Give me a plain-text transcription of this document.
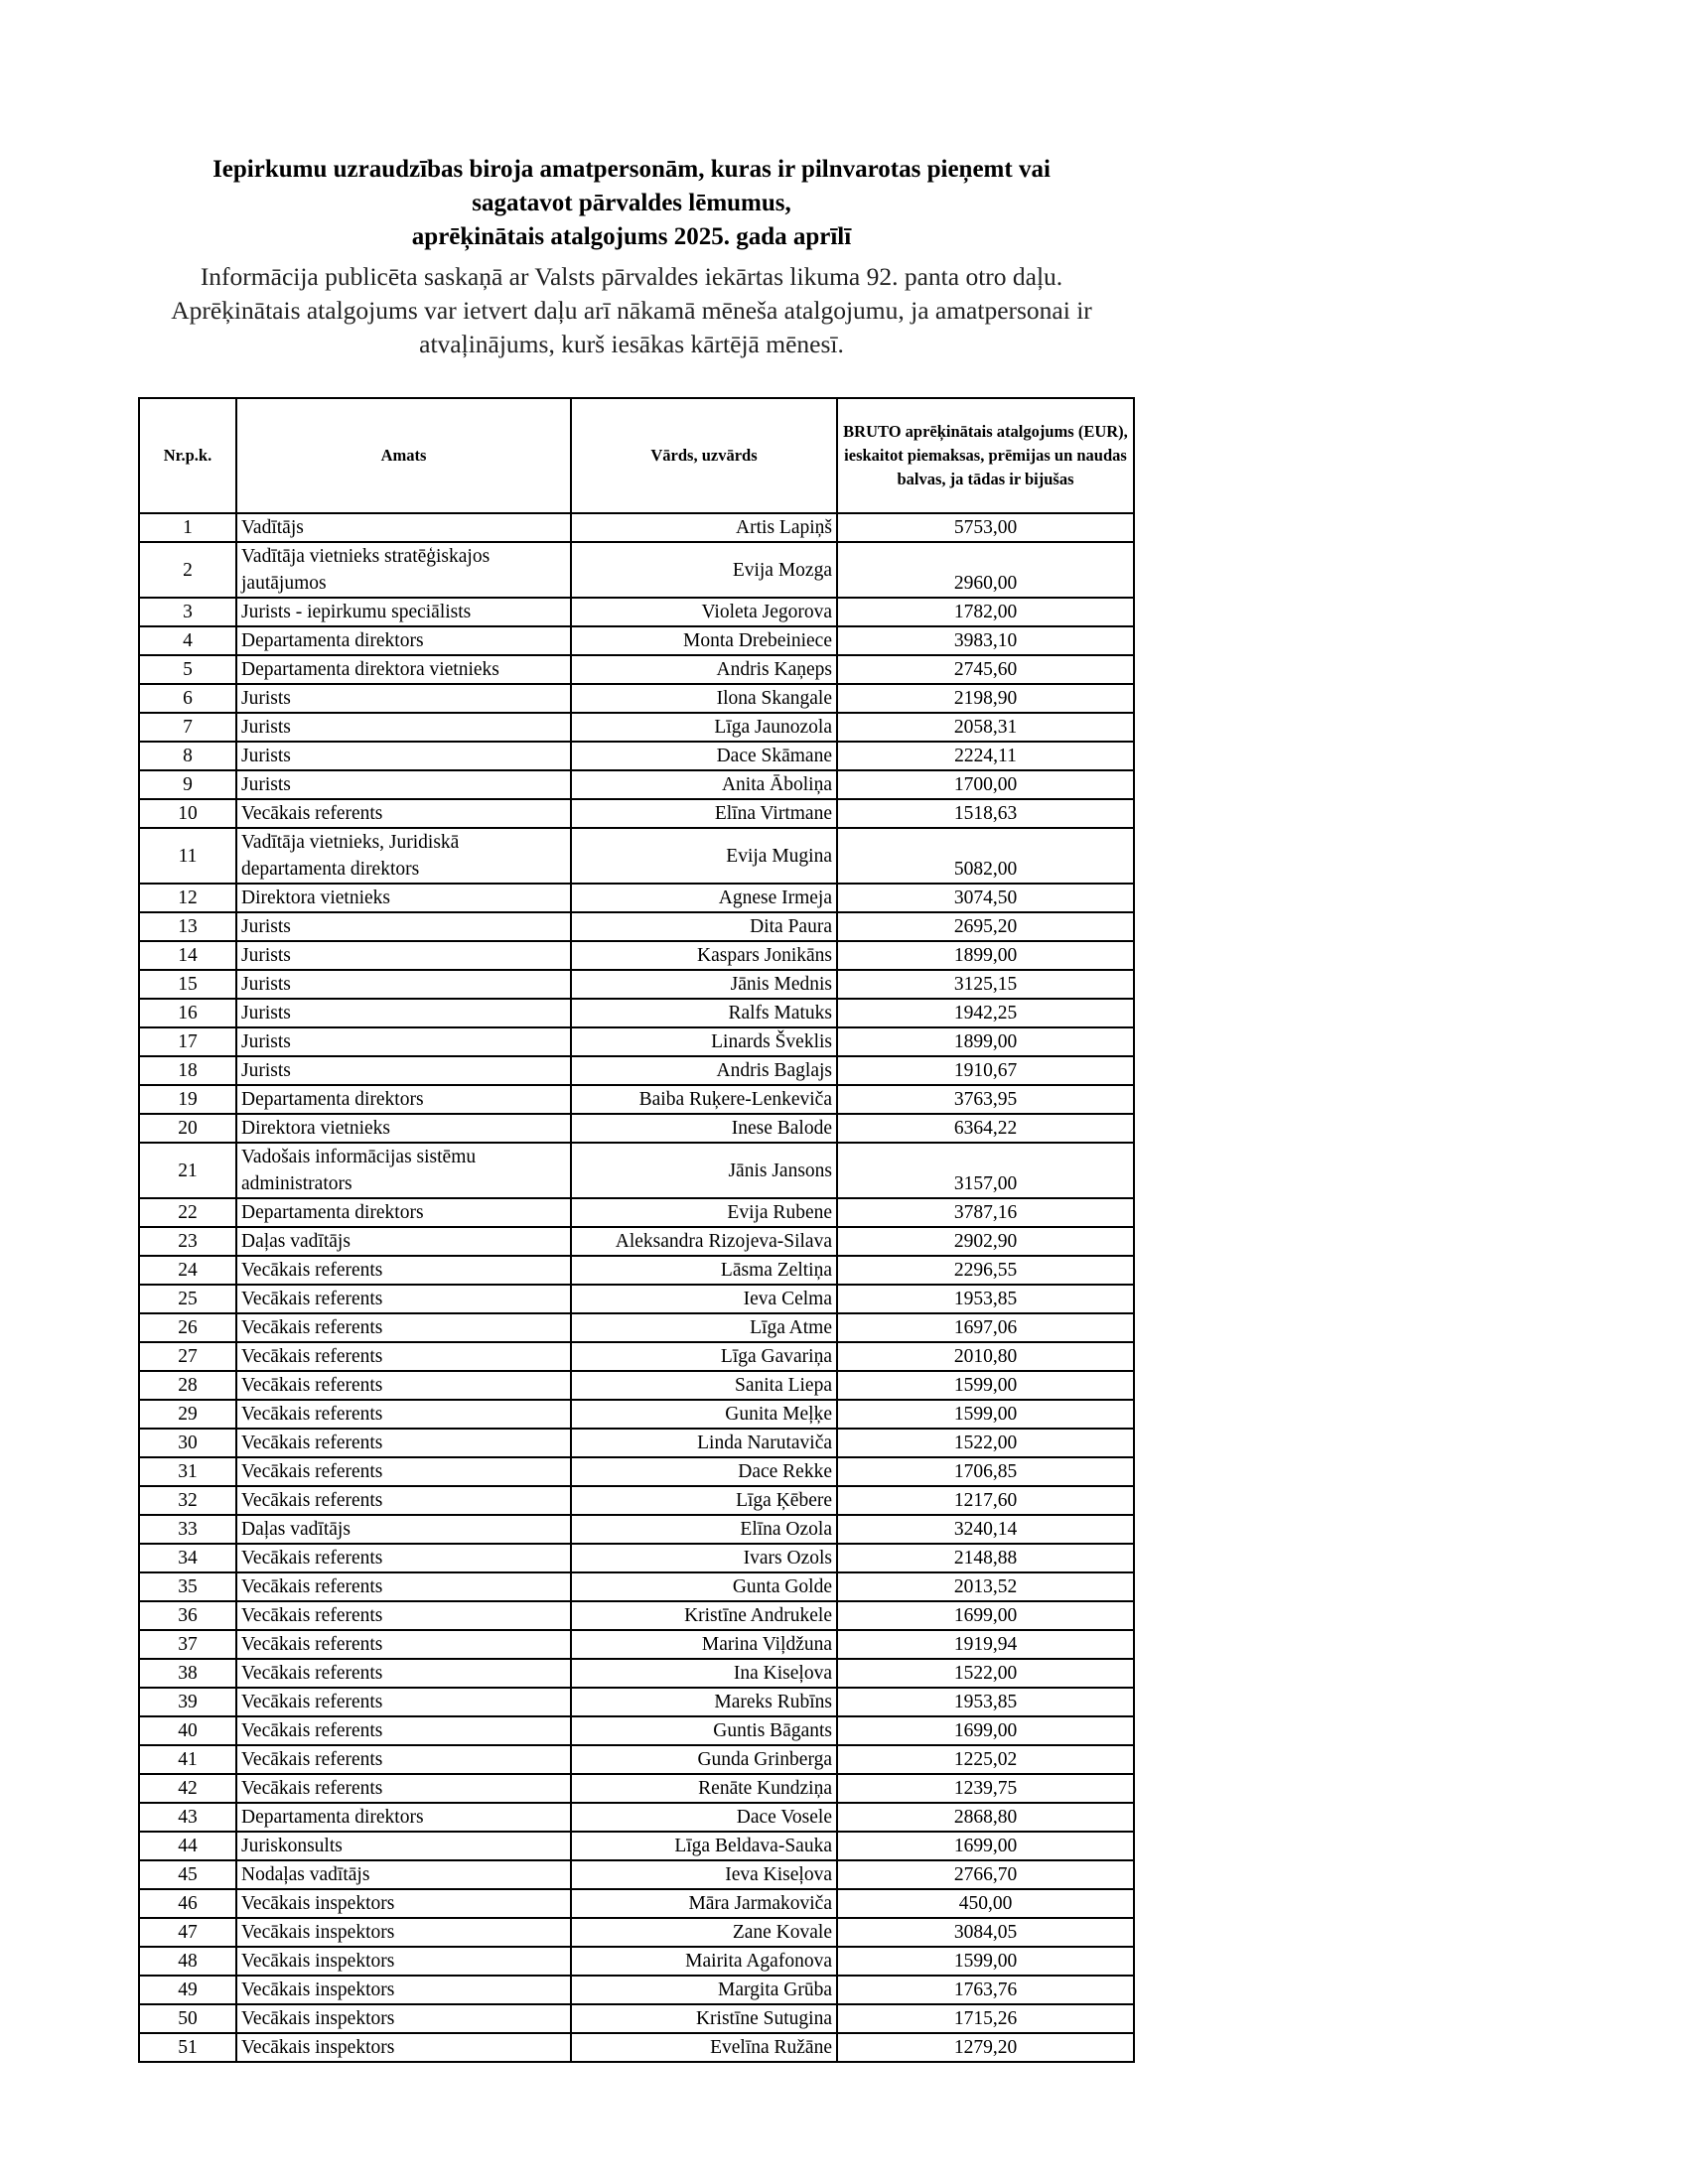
Iepirkumu uzraudzības biroja amatpersonām, kuras ir pilnvarotas pieņemt vai
sagatavot pārvaldes lēmumus,
aprēķinātais atalgojums 2025. gada aprīlī
Informācija publicēta saskaņā ar Valsts pārvaldes iekārtas likuma 92. panta otro daļu.
Aprēķinātais atalgojums var ietvert daļu arī nākamā mēneša atalgojumu, ja amatpersonai ir
atvaļinājums, kurš iesākas kārtējā mēnesī.
Nr.p.k.	Amats	Vārds, uzvārds	BRUTO aprēķinātais atalgojums (EUR), ieskaitot piemaksas, prēmijas un naudas balvas, ja tādas ir bijušas
1	Vadītājs	Artis Lapiņš	5753,00
2	Vadītāja vietnieks stratēģiskajos jautājumos	Evija Mozga	2960,00
3	Jurists - iepirkumu speciālists	Violeta Jegorova	1782,00
4	Departamenta direktors	Monta Drebeiniece	3983,10
5	Departamenta direktora vietnieks	Andris Kaņeps	2745,60
6	Jurists	Ilona Skangale	2198,90
7	Jurists	Līga Jaunozola	2058,31
8	Jurists	Dace Skāmane	2224,11
9	Jurists	Anita Āboliņa	1700,00
10	Vecākais referents	Elīna Virtmane	1518,63
11	Vadītāja vietnieks, Juridiskā departamenta direktors	Evija Mugina	5082,00
12	Direktora vietnieks	Agnese Irmeja	3074,50
13	Jurists	Dita Paura	2695,20
14	Jurists	Kaspars Jonikāns	1899,00
15	Jurists	Jānis Mednis	3125,15
16	Jurists	Ralfs Matuks	1942,25
17	Jurists	Linards Šveklis	1899,00
18	Jurists	Andris Baglajs	1910,67
19	Departamenta direktors	Baiba Ruķere-Lenkeviča	3763,95
20	Direktora vietnieks	Inese Balode	6364,22
21	Vadošais informācijas sistēmu administrators	Jānis Jansons	3157,00
22	Departamenta direktors	Evija Rubene	3787,16
23	Daļas vadītājs	Aleksandra Rizojeva-Silava	2902,90
24	Vecākais referents	Lāsma Zeltiņa	2296,55
25	Vecākais referents	Ieva Celma	1953,85
26	Vecākais referents	Līga Atme	1697,06
27	Vecākais referents	Līga Gavariņa	2010,80
28	Vecākais referents	Sanita Liepa	1599,00
29	Vecākais referents	Gunita Meļķe	1599,00
30	Vecākais referents	Linda Narutaviča	1522,00
31	Vecākais referents	Dace Rekke	1706,85
32	Vecākais referents	Līga Ķēbere	1217,60
33	Daļas vadītājs	Elīna Ozola	3240,14
34	Vecākais referents	Ivars Ozols	2148,88
35	Vecākais referents	Gunta Golde	2013,52
36	Vecākais referents	Kristīne Andrukele	1699,00
37	Vecākais referents	Marina Viļdžuna	1919,94
38	Vecākais referents	Ina Kiseļova	1522,00
39	Vecākais referents	Mareks Rubīns	1953,85
40	Vecākais referents	Guntis Bāgants	1699,00
41	Vecākais referents	Gunda Grinberga	1225,02
42	Vecākais referents	Renāte Kundziņa	1239,75
43	Departamenta direktors	Dace Vosele	2868,80
44	Juriskonsults	Līga Beldava-Sauka	1699,00
45	Nodaļas vadītājs	Ieva Kiseļova	2766,70
46	Vecākais inspektors	Māra Jarmakoviča	450,00
47	Vecākais inspektors	Zane Kovale	3084,05
48	Vecākais inspektors	Mairita Agafonova	1599,00
49	Vecākais inspektors	Margita Grūba	1763,76
50	Vecākais inspektors	Kristīne Sutugina	1715,26
51	Vecākais inspektors	Evelīna Ružāne	1279,20
